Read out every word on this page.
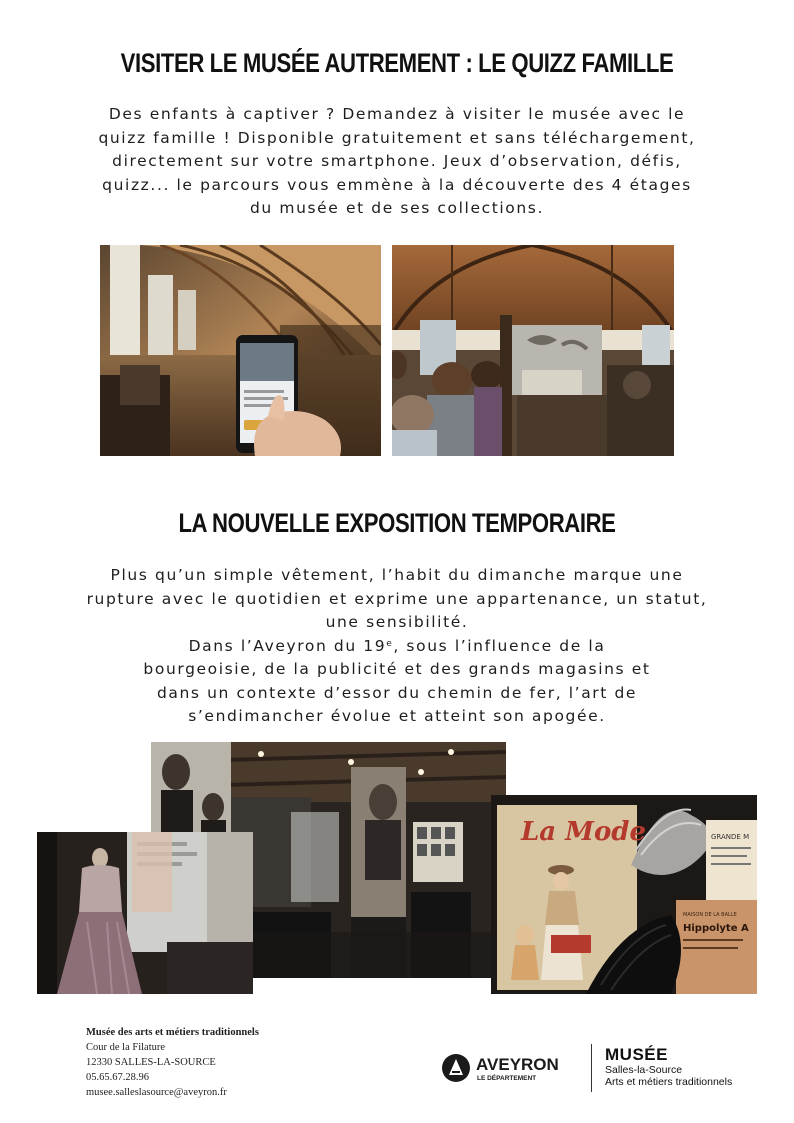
VISITER LE MUSÉE AUTREMENT : LE QUIZZ FAMILLE

Des enfants à captiver ? Demandez à visiter le musée avec le
quizz famille ! Disponible gratuitement et sans téléchargement,
directement sur votre smartphone. Jeux d’observation, défis,
quizz... le parcours vous emmène à la découverte des 4 étages
du musée et de ses collections.

LA NOUVELLE EXPOSITION TEMPORAIRE

Plus qu’un simple vêtement, l’habit du dimanche marque une
rupture avec le quotidien et exprime une appartenance, un statut,
une sensibilité.
Dans l’Aveyron du 19e, sous l’influence de la
bourgeoisie, de la publicité et des grands magasins et
dans un contexte d’essor du chemin de fer, l’art de
s’endimancher évolue et atteint son apogée.

La Mode	GRANDE M
MAISON DE LA BALLE
Hippolyte A
Musée des arts et métiers traditionnels
Cour de la Filature
12330 SALLES-LA-SOURCE
05.65.67.28.96
musee.salleslasource@aveyron.fr
AVEYRON
LE DÉPARTEMENT
MUSÉE
Salles-la-Source
Arts et métiers traditionnels
